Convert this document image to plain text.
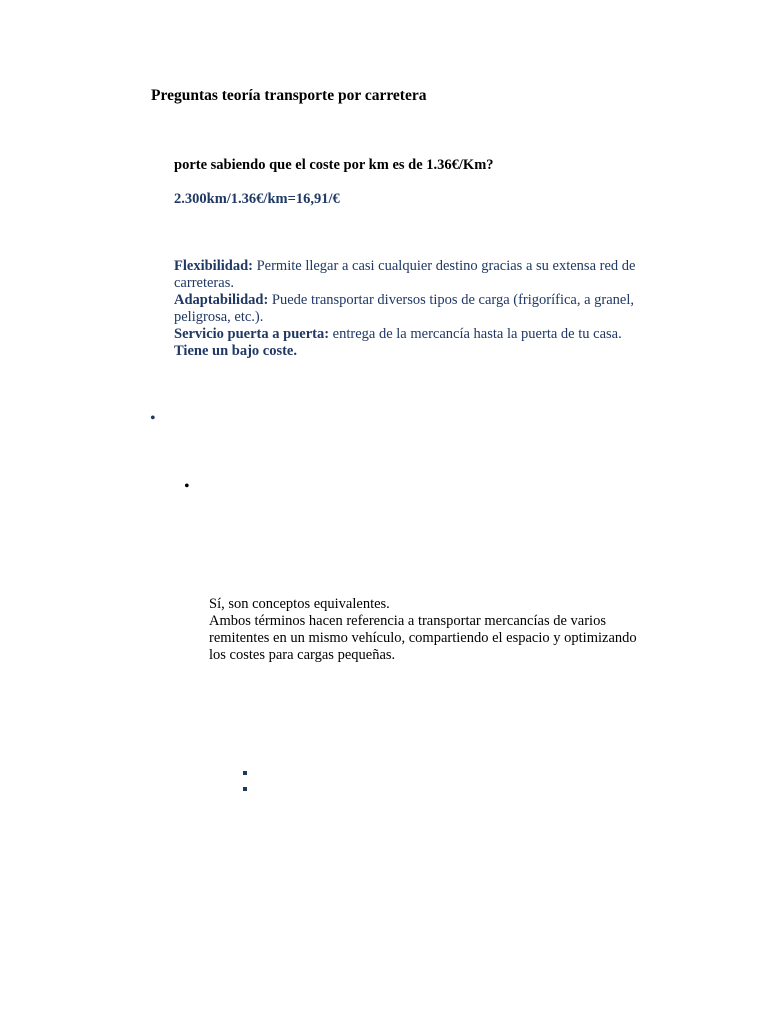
Preguntas teoría transporte por carretera
porte sabiendo que el coste por km es de 1.36€/Km?
2.300km/1.36€/km=16,91/€

Flexibilidad: Permite llegar a casi cualquier destino gracias a su extensa red de carreteras.

Adaptabilidad: Puede transportar diversos tipos de carga (frigorífica, a granel, peligrosa, etc.).

Servicio puerta a puerta: entrega de la mercancía hasta la puerta de tu casa.

Tiene un bajo coste.

•
•

Sí, son conceptos equivalentes.

Ambos términos hacen referencia a transportar mercancías de varios

remitentes en un mismo vehículo, compartiendo el espacio y optimizando

los costes para cargas pequeñas.
